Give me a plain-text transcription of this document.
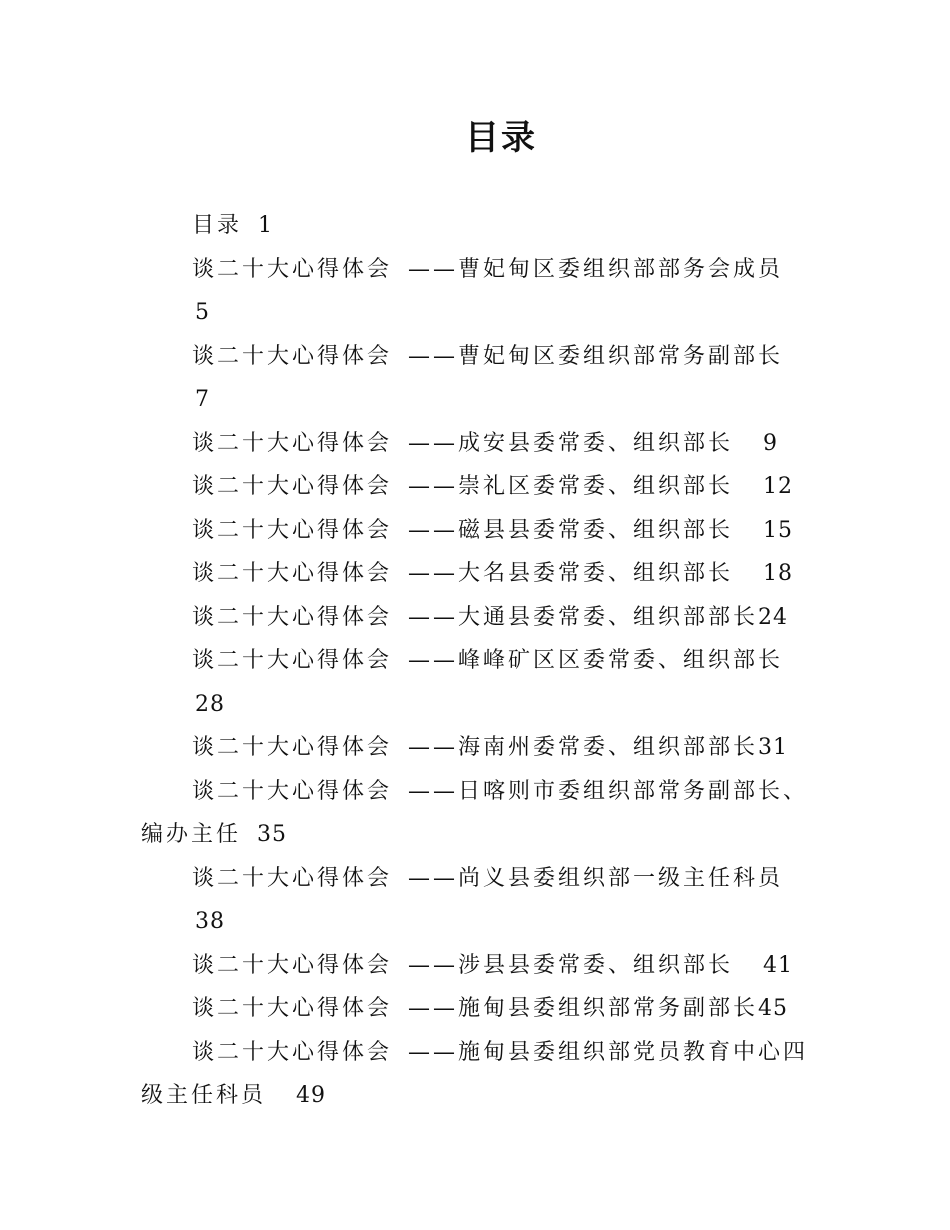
目录
目录 1
谈二十大心得体会 ——曹妃甸区委组织部部务会成员
5
谈二十大心得体会 ——曹妃甸区委组织部常务副部长
7
谈二十大心得体会 ——成安县委常委、组织部长 9
谈二十大心得体会 ——崇礼区委常委、组织部长 12
谈二十大心得体会 ——磁县县委常委、组织部长 15
谈二十大心得体会 ——大名县委常委、组织部长 18
谈二十大心得体会 ——大通县委常委、组织部部长24
谈二十大心得体会 ——峰峰矿区区委常委、组织部长
28
谈二十大心得体会 ——海南州委常委、组织部部长31
谈二十大心得体会 ——日喀则市委组织部常务副部长、
编办主任 35
谈二十大心得体会 ——尚义县委组织部一级主任科员
38
谈二十大心得体会 ——涉县县委常委、组织部长 41
谈二十大心得体会 ——施甸县委组织部常务副部长45
谈二十大心得体会 ——施甸县委组织部党员教育中心四
级主任科员 49
